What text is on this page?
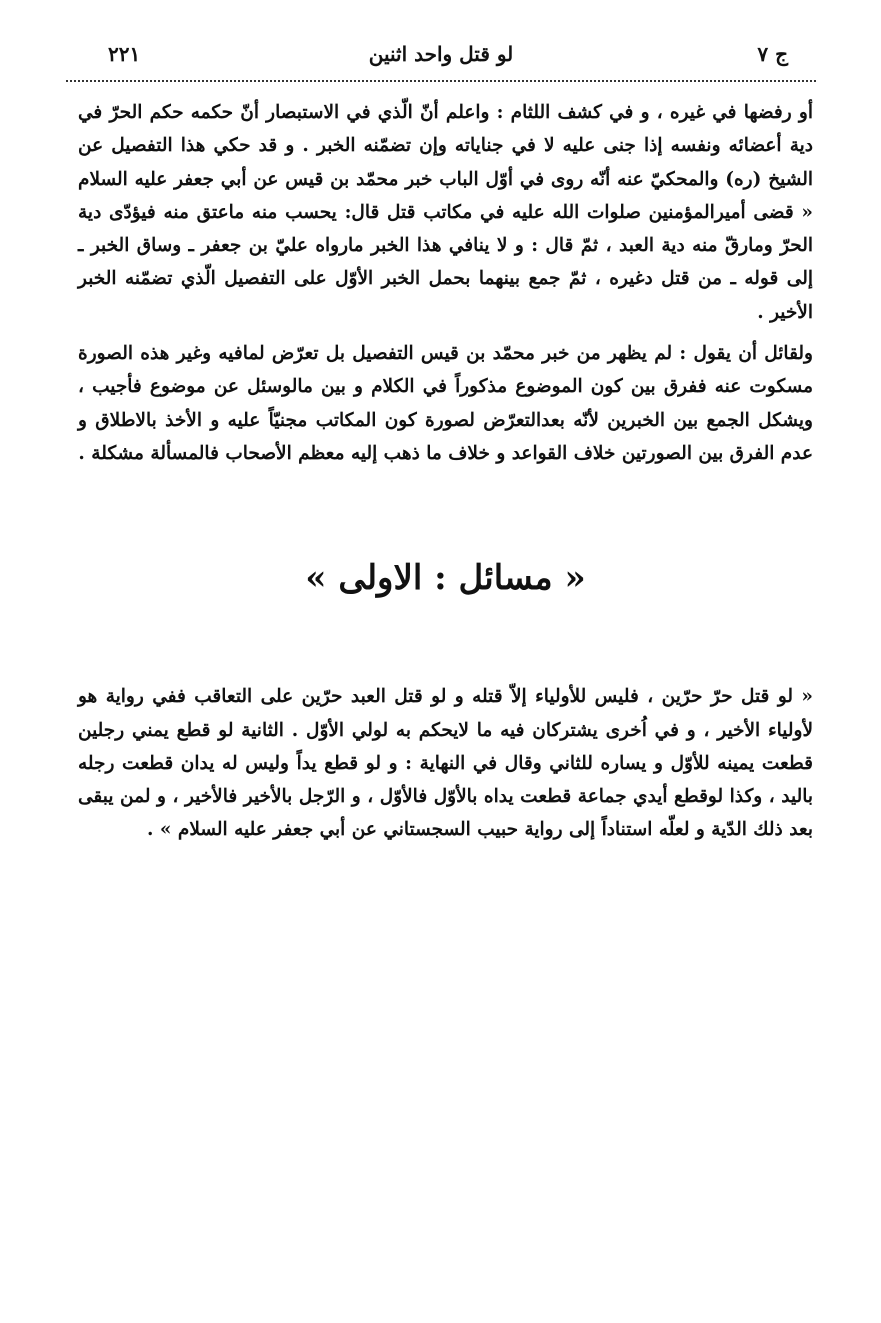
ج ٧
لو قتل واحد اثنين
٢٢١

أو رفضها في غيره ، و في كشف اللثام : واعلم أنّ الّذي في الاستبصار أنّ حكمه حكم الحرّ في دية أعضائه ونفسه إذا جنى عليه لا في جناياته وإن تضمّنه الخبر . و قد حكي هذا التفصيل عن الشيخ (ره) والمحكيّ عنه أنّه روى في أوّل الباب خبر محمّد بن قيس عن أبي جعفر عليه السلام « قضى أميرالمؤمنين صلوات الله عليه في مكاتب قتل قال: يحسب منه ماعتق منه فيؤدّى دية الحرّ ومارقّ منه دية العبد ، ثمّ قال : و لا ينافي هذا الخبر مارواه عليّ بن جعفر ـ وساق الخبر ـ إلى قوله ـ من قتل دغيره ، ثمّ جمع بينهما بحمل الخبر الأوّل على التفصيل الّذي تضمّنه الخبر الأخير .

ولقائل أن يقول : لم يظهر من خبر محمّد بن قيس التفصيل بل تعرّض لمافيه وغير هذه الصورة مسكوت عنه ففرق بين كون الموضوع مذكوراً في الكلام و بين مالوسئل عن موضوع فأجيب ، ويشكل الجمع بين الخبرين لأنّه بعدالتعرّض لصورة كون المكاتب مجنيّاً عليه و الأخذ بالاطلاق و عدم الفرق بين الصورتين خلاف القواعد و خلاف ما ذهب إليه معظم الأصحاب فالمسألة مشكلة .

« مسائل : الاولى »

« لو قتل حرّ حرّين ، فليس للأولياء إلاّ قتله و لو قتل العبد حرّين على التعاقب ففي رواية هو لأولياء الأخير ، و في اُخرى يشتركان فيه ما لايحكم به لولي الأوّل . الثانية لو قطع يمني رجلين قطعت يمينه للأوّل و يساره للثاني وقال في النهاية : و لو قطع يداً وليس له يدان قطعت رجله باليد ، وكذا لوقطع أيدي جماعة قطعت يداه بالأوّل فالأوّل ، و الرّجل بالأخير فالأخير ، و لمن يبقى بعد ذلك الدّية و لعلّه استناداً إلى رواية حبيب السجستاني عن أبي جعفر عليه السلام » .
